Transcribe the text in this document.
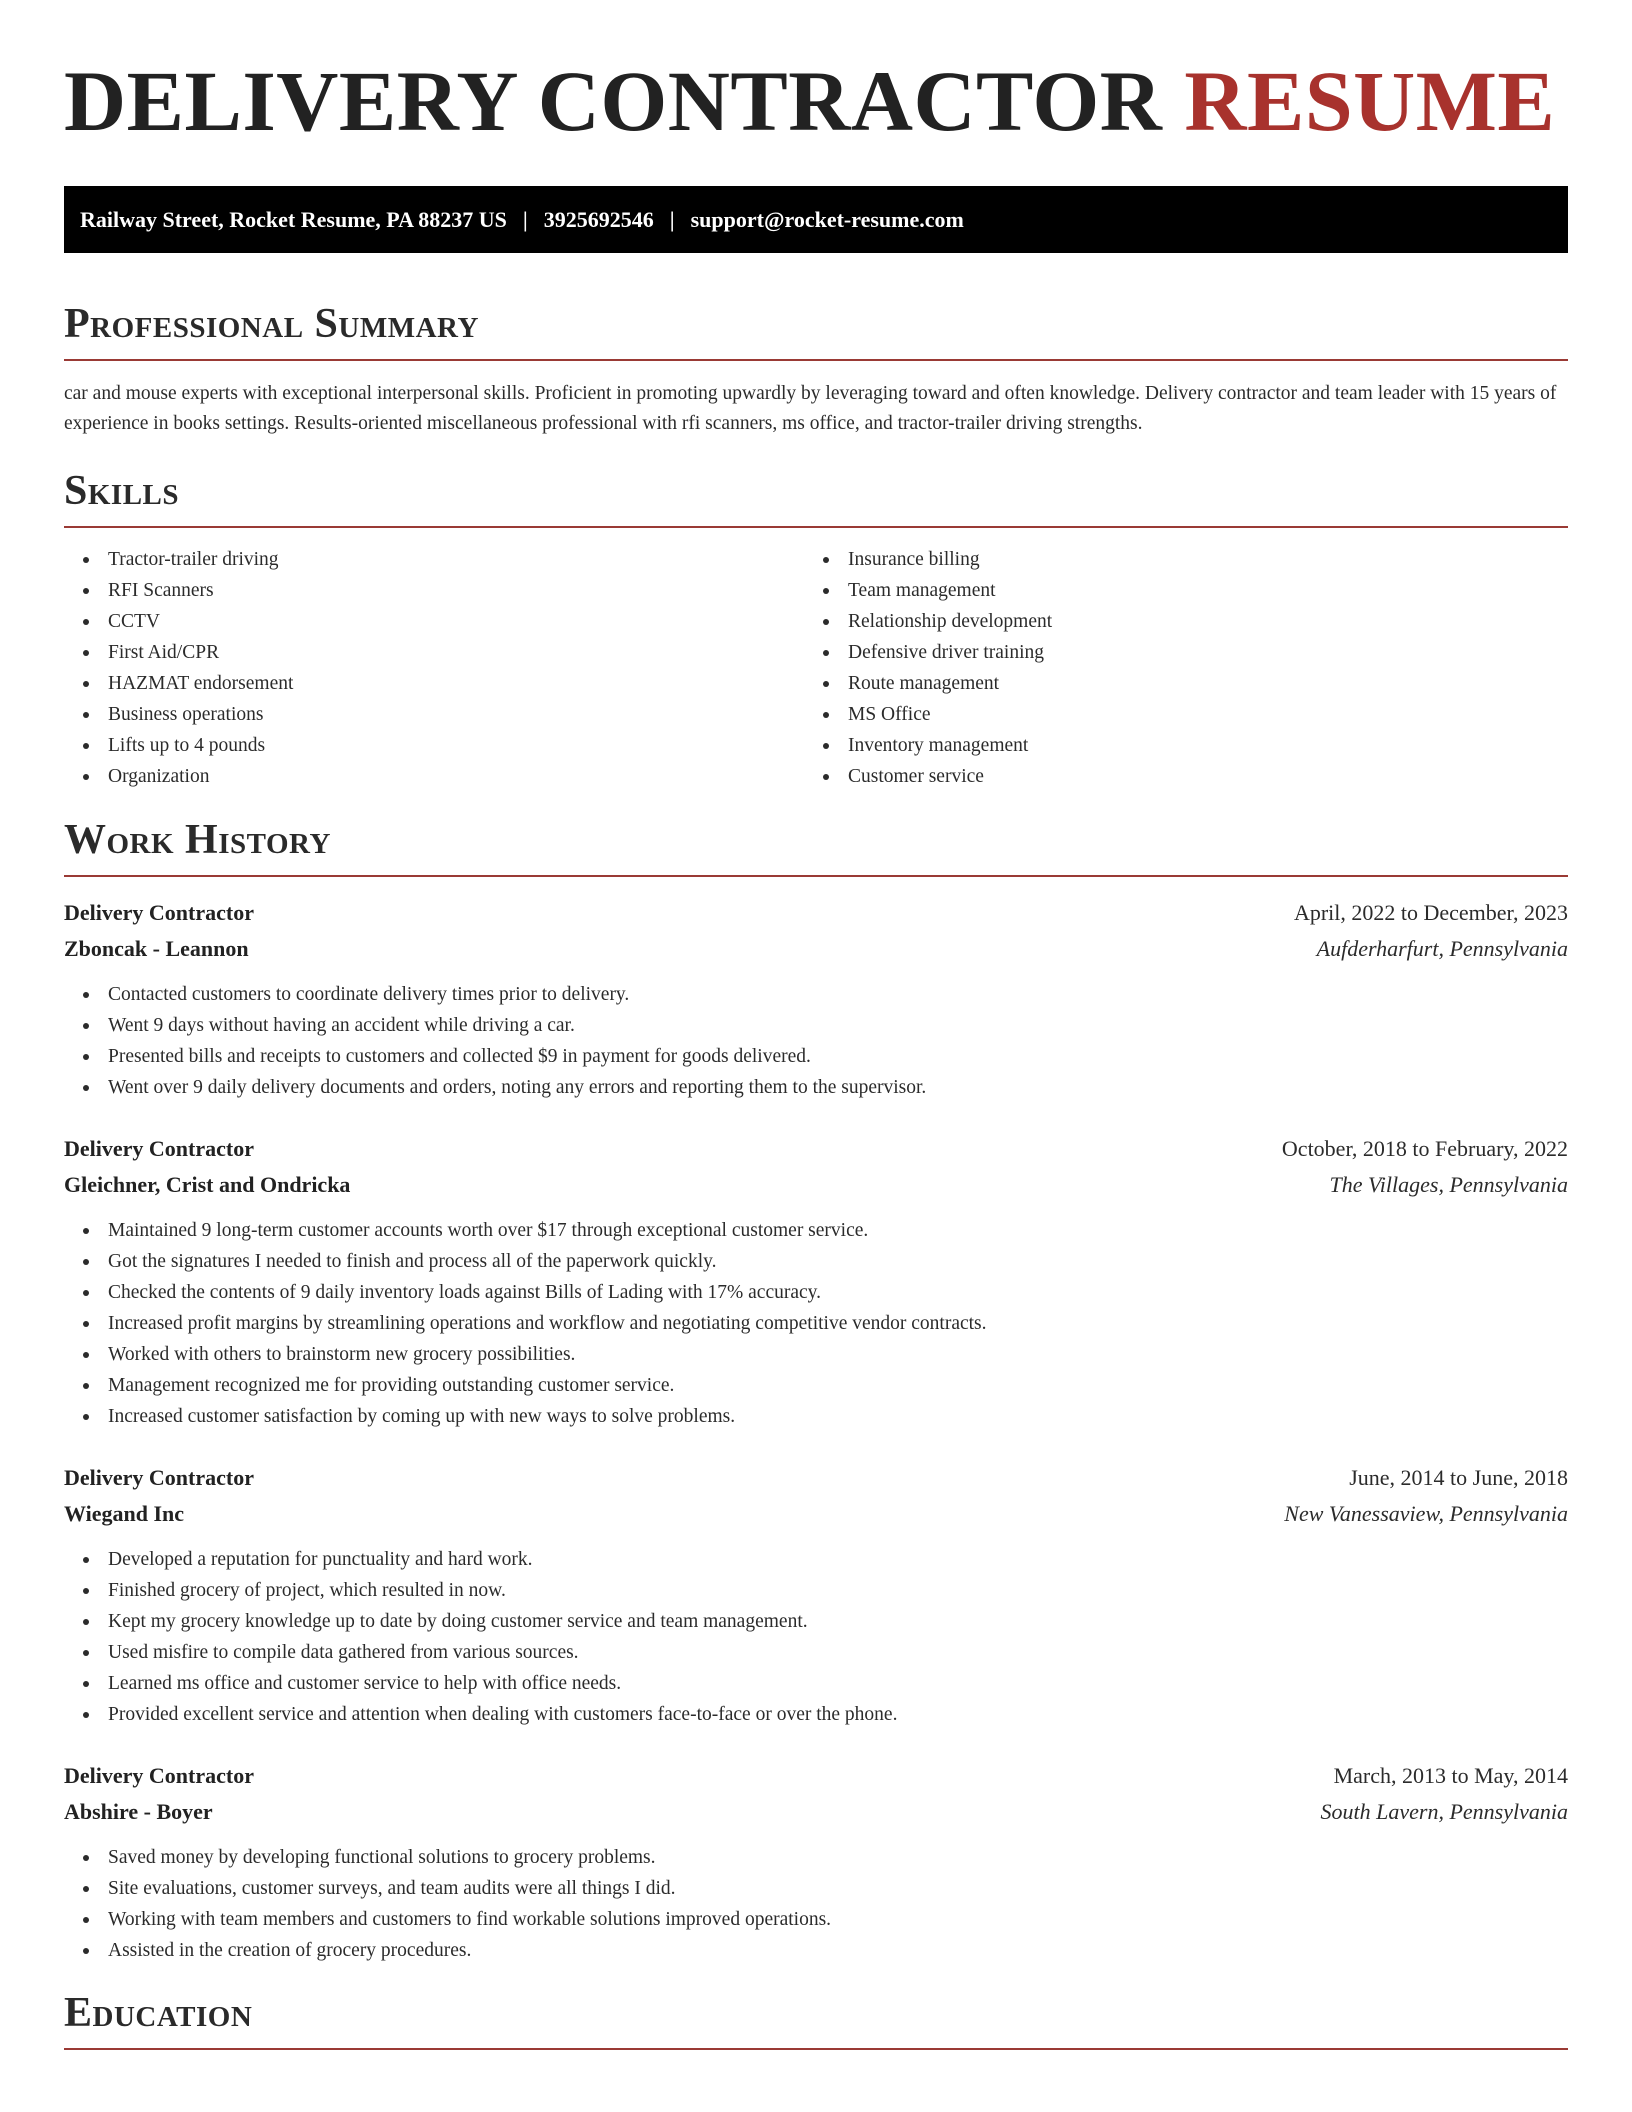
DELIVERY CONTRACTOR RESUME
Railway Street, Rocket Resume, PA 88237 US | 3925692546 | support@rocket-resume.com
Professional Summary

car and mouse experts with exceptional interpersonal skills. Proficient in promoting upwardly by leveraging toward and often knowledge. Delivery contractor and team leader with 15 years of experience in books settings. Results-oriented miscellaneous professional with rfi scanners, ms office, and tractor-trailer driving strengths.

Skills
Tractor-trailer driving
RFI Scanners
CCTV
First Aid/CPR
HAZMAT endorsement
Business operations
Lifts up to 4 pounds
Organization
Insurance billing
Team management
Relationship development
Defensive driver training
Route management
MS Office
Inventory management
Customer service
Work History
Delivery Contractor	April, 2022 to December, 2023
Zboncak - Leannon	Aufderharfurt, Pennsylvania
Contacted customers to coordinate delivery times prior to delivery.
Went 9 days without having an accident while driving a car.
Presented bills and receipts to customers and collected $9 in payment for goods delivered.
Went over 9 daily delivery documents and orders, noting any errors and reporting them to the supervisor.
Delivery Contractor	October, 2018 to February, 2022
Gleichner, Crist and Ondricka	The Villages, Pennsylvania
Maintained 9 long-term customer accounts worth over $17 through exceptional customer service.
Got the signatures I needed to finish and process all of the paperwork quickly.
Checked the contents of 9 daily inventory loads against Bills of Lading with 17% accuracy.
Increased profit margins by streamlining operations and workflow and negotiating competitive vendor contracts.
Worked with others to brainstorm new grocery possibilities.
Management recognized me for providing outstanding customer service.
Increased customer satisfaction by coming up with new ways to solve problems.
Delivery Contractor	June, 2014 to June, 2018
Wiegand Inc	New Vanessaview, Pennsylvania
Developed a reputation for punctuality and hard work.
Finished grocery of project, which resulted in now.
Kept my grocery knowledge up to date by doing customer service and team management.
Used misfire to compile data gathered from various sources.
Learned ms office and customer service to help with office needs.
Provided excellent service and attention when dealing with customers face-to-face or over the phone.
Delivery Contractor	March, 2013 to May, 2014
Abshire - Boyer	South Lavern, Pennsylvania
Saved money by developing functional solutions to grocery problems.
Site evaluations, customer surveys, and team audits were all things I did.
Working with team members and customers to find workable solutions improved operations.
Assisted in the creation of grocery procedures.
Education
